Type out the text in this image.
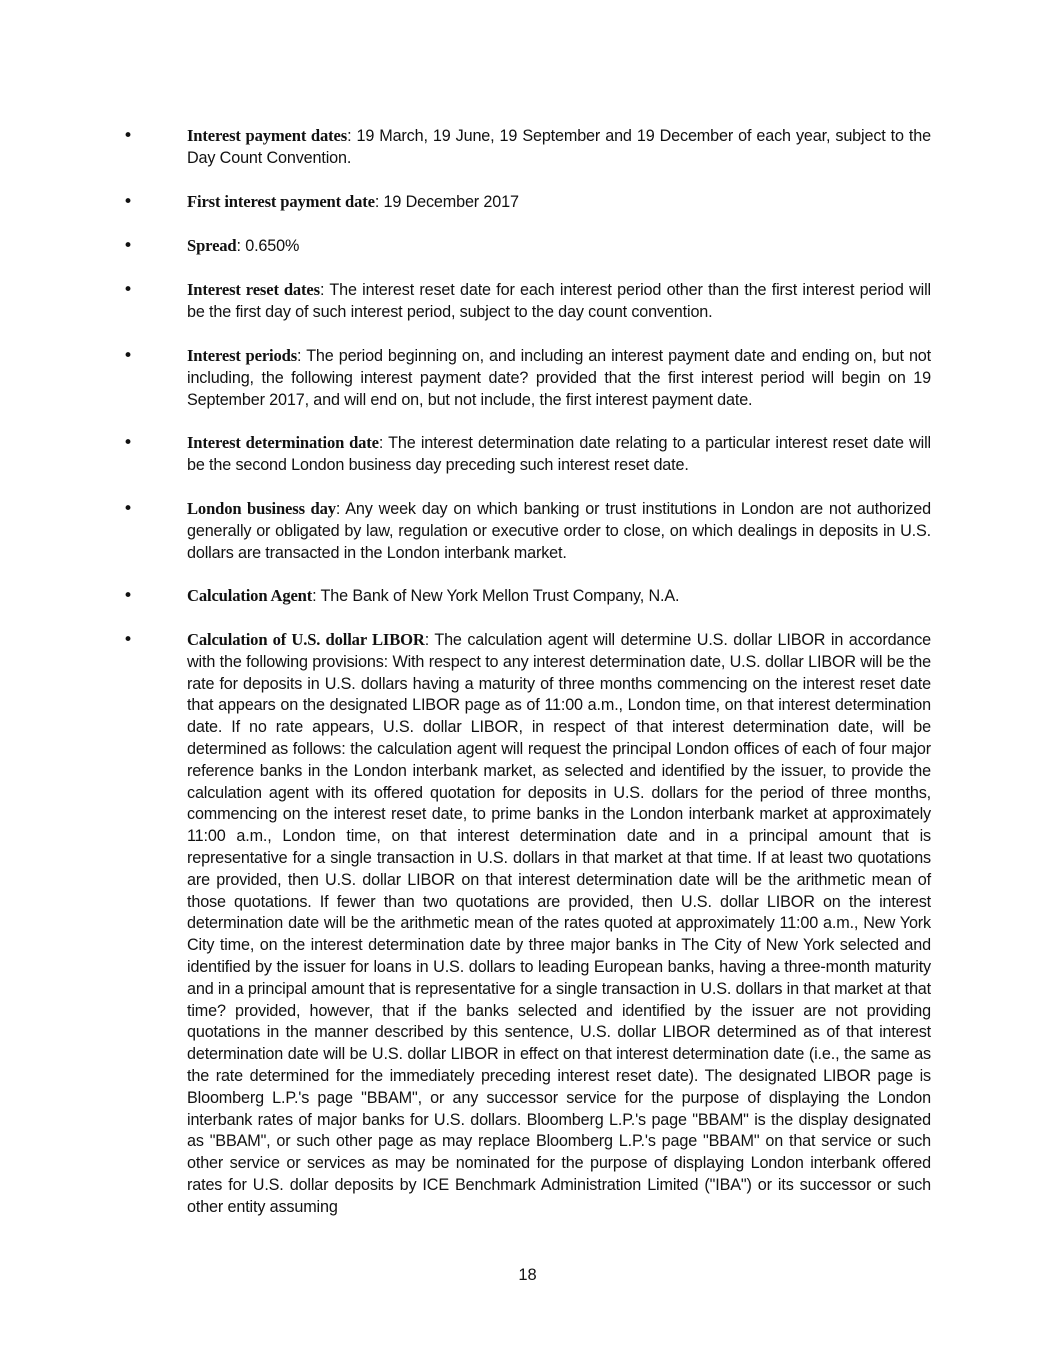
•	Interest payment dates: 19 March, 19 June, 19 September and 19 December of each year, subject to the Day Count Convention.
•	First interest payment date: 19 December 2017
•	Spread: 0.650%
•	Interest reset dates: The interest reset date for each interest period other than the first interest period will be the first day of such interest period, subject to the day count convention.
•	Interest periods: The period beginning on, and including an interest payment date and ending on, but not including, the following interest payment date? provided that the first interest period will begin on 19 September 2017, and will end on, but not include, the first interest payment date.
•	Interest determination date: The interest determination date relating to a particular interest reset date will be the second London business day preceding such interest reset date.
•	London business day: Any week day on which banking or trust institutions in London are not authorized generally or obligated by law, regulation or executive order to close, on which dealings in deposits in U.S. dollars are transacted in the London interbank market.
•	Calculation Agent: The Bank of New York Mellon Trust Company, N.A.
•	Calculation of U.S. dollar LIBOR: The calculation agent will determine U.S. dollar LIBOR in accordance with the following provisions: With respect to any interest determination date, U.S. dollar LIBOR will be the rate for deposits in U.S. dollars having a maturity of three months commencing on the interest reset date that appears on the designated LIBOR page as of 11:00 a.m., London time, on that interest determination date. If no rate appears, U.S. dollar LIBOR, in respect of that interest determination date, will be determined as follows: the calculation agent will request the principal London offices of each of four major reference banks in the London interbank market, as selected and identified by the issuer, to provide the calculation agent with its offered quotation for deposits in U.S. dollars for the period of three months, commencing on the interest reset date, to prime banks in the London interbank market at approximately 11:00 a.m., London time, on that interest determination date and in a principal amount that is representative for a single transaction in U.S. dollars in that market at that time. If at least two quotations are provided, then U.S. dollar LIBOR on that interest determination date will be the arithmetic mean of those quotations. If fewer than two quotations are provided, then U.S. dollar LIBOR on the interest determination date will be the arithmetic mean of the rates quoted at approximately 11:00 a.m., New York City time, on the interest determination date by three major banks in The City of New York selected and identified by the issuer for loans in U.S. dollars to leading European banks, having a three-month maturity and in a principal amount that is representative for a single transaction in U.S. dollars in that market at that time? provided, however, that if the banks selected and identified by the issuer are not providing quotations in the manner described by this sentence, U.S. dollar LIBOR determined as of that interest determination date will be U.S. dollar LIBOR in effect on that interest determination date (i.e., the same as the rate determined for the immediately preceding interest reset date). The designated LIBOR page is Bloomberg L.P.'s page "BBAM", or any successor service for the purpose of displaying the London interbank rates of major banks for U.S. dollars. Bloomberg L.P.'s page "BBAM" is the display designated as "BBAM", or such other page as may replace Bloomberg L.P.'s page "BBAM" on that service or such other service or services as may be nominated for the purpose of displaying London interbank offered rates for U.S. dollar deposits by ICE Benchmark Administration Limited ("IBA") or its successor or such other entity assuming
18
